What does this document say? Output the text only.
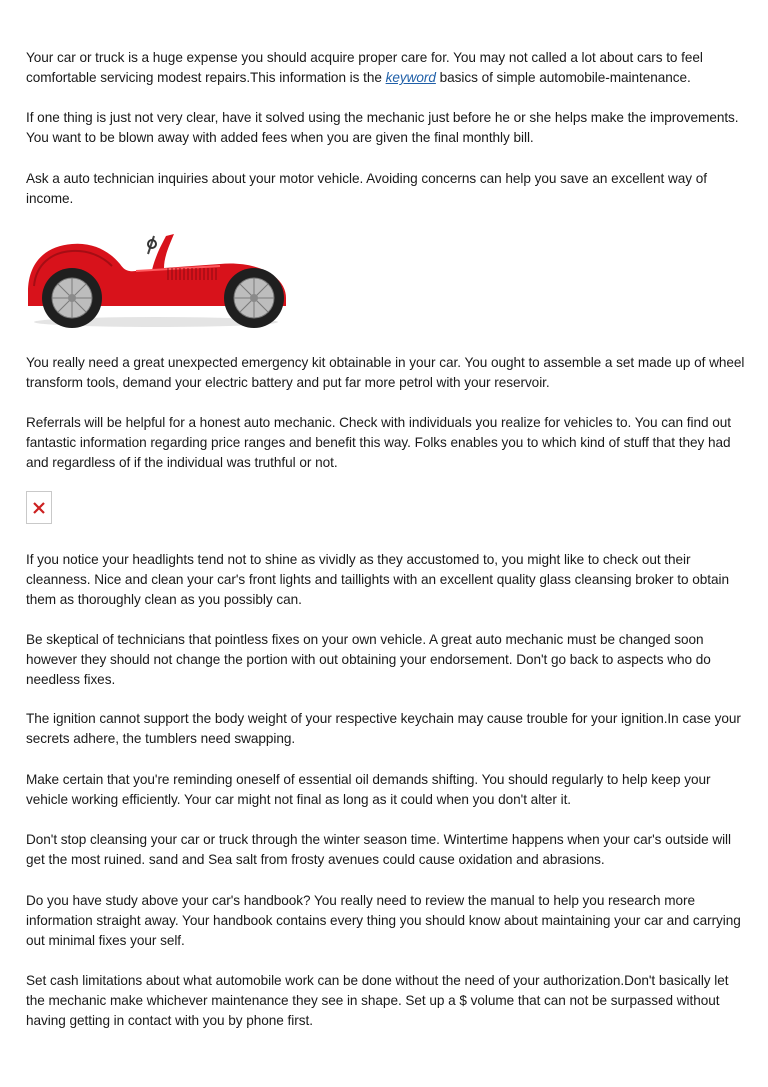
Your car or truck is a huge expense you should acquire proper care for. You may not called a lot about cars to feel comfortable servicing modest repairs.This information is the keyword basics of simple automobile-maintenance.

If one thing is just not very clear, have it solved using the mechanic just before he or she helps make the improvements. You want to be blown away with added fees when you are given the final monthly bill.

Ask a auto technician inquiries about your motor vehicle. Avoiding concerns can help you save an excellent way of income.

You really need a great unexpected emergency kit obtainable in your car. You ought to assemble a set made up of wheel transform tools, demand your electric battery and put far more petrol with your reservoir.

Referrals will be helpful for a honest auto mechanic. Check with individuals you realize for vehicles to. You can find out fantastic information regarding price ranges and benefit this way. Folks enables you to which kind of stuff that they had and regardless of if the individual was truthful or not.

If you notice your headlights tend not to shine as vividly as they accustomed to, you might like to check out their cleanness. Nice and clean your car's front lights and taillights with an excellent quality glass cleansing broker to obtain them as thoroughly clean as you possibly can.

Be skeptical of technicians that pointless fixes on your own vehicle. A great auto mechanic must be changed soon however they should not change the portion with out obtaining your endorsement. Don't go back to aspects who do needless fixes.

The ignition cannot support the body weight of your respective keychain may cause trouble for your ignition.In case your secrets adhere, the tumblers need swapping.

Make certain that you're reminding oneself of essential oil demands shifting. You should regularly to help keep your vehicle working efficiently. Your car might not final as long as it could when you don't alter it.

Don't stop cleansing your car or truck through the winter season time. Wintertime happens when your car's outside will get the most ruined. sand and Sea salt from frosty avenues could cause oxidation and abrasions.

Do you have study above your car's handbook? You really need to review the manual to help you research more information straight away. Your handbook contains every thing you should know about maintaining your car and carrying out minimal fixes your self.

Set cash limitations about what automobile work can be done without the need of your authorization.Don't basically let the mechanic make whichever maintenance they see in shape. Set up a $ volume that can not be surpassed without having getting in contact with you by phone first.
